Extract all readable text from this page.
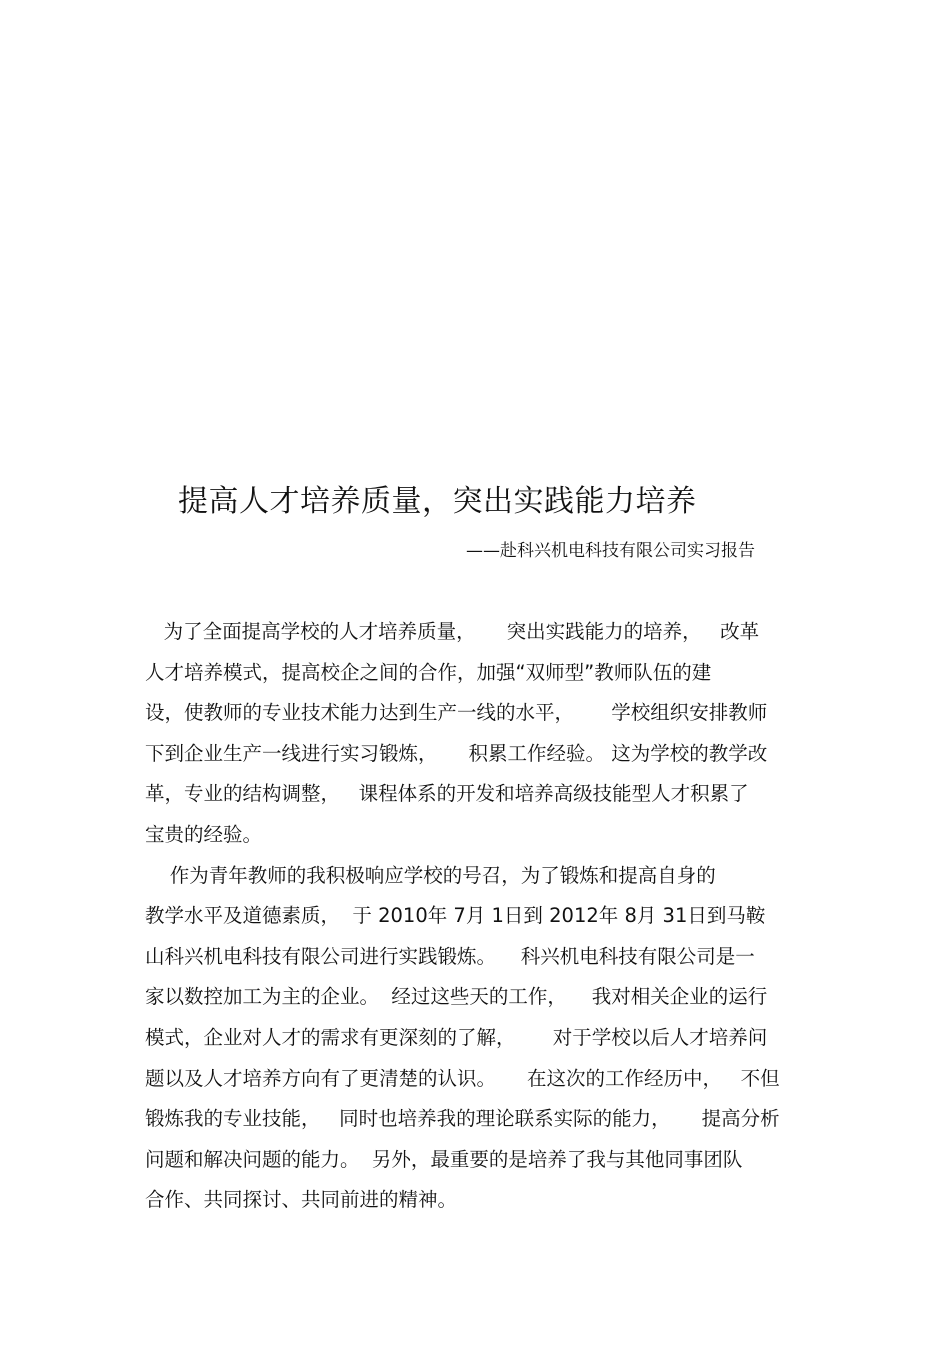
提高人才培养质量，突出实践能力培养
——赴科兴机电科技有限公司实习报告
为了全面提高学校的人才培养质量，     突出实践能力的培养，   改革
人才培养模式，提高校企之间的合作，加强“双师型”教师队伍的建
设，使教师的专业技术能力达到生产一线的水平，      学校组织安排教师
下到企业生产一线进行实习锻炼，     积累工作经验。 这为学校的教学改
革，专业的结构调整，   课程体系的开发和培养高级技能型人才积累了
宝贵的经验。
作为青年教师的我积极响应学校的号召，为了锻炼和提高自身的
教学水平及道德素质，  于 2010年 7月 1日到 2012年 8月 31日到马鞍
山科兴机电科技有限公司进行实践锻炼。    科兴机电科技有限公司是一
家以数控加工为主的企业。  经过这些天的工作，    我对相关企业的运行
模式，企业对人才的需求有更深刻的了解，      对于学校以后人才培养问
题以及人才培养方向有了更清楚的认识。     在这次的工作经历中，   不但
锻炼我的专业技能，   同时也培养我的理论联系实际的能力，     提高分析
问题和解决问题的能力。  另外，最重要的是培养了我与其他同事团队
合作、共同探讨、共同前进的精神。
